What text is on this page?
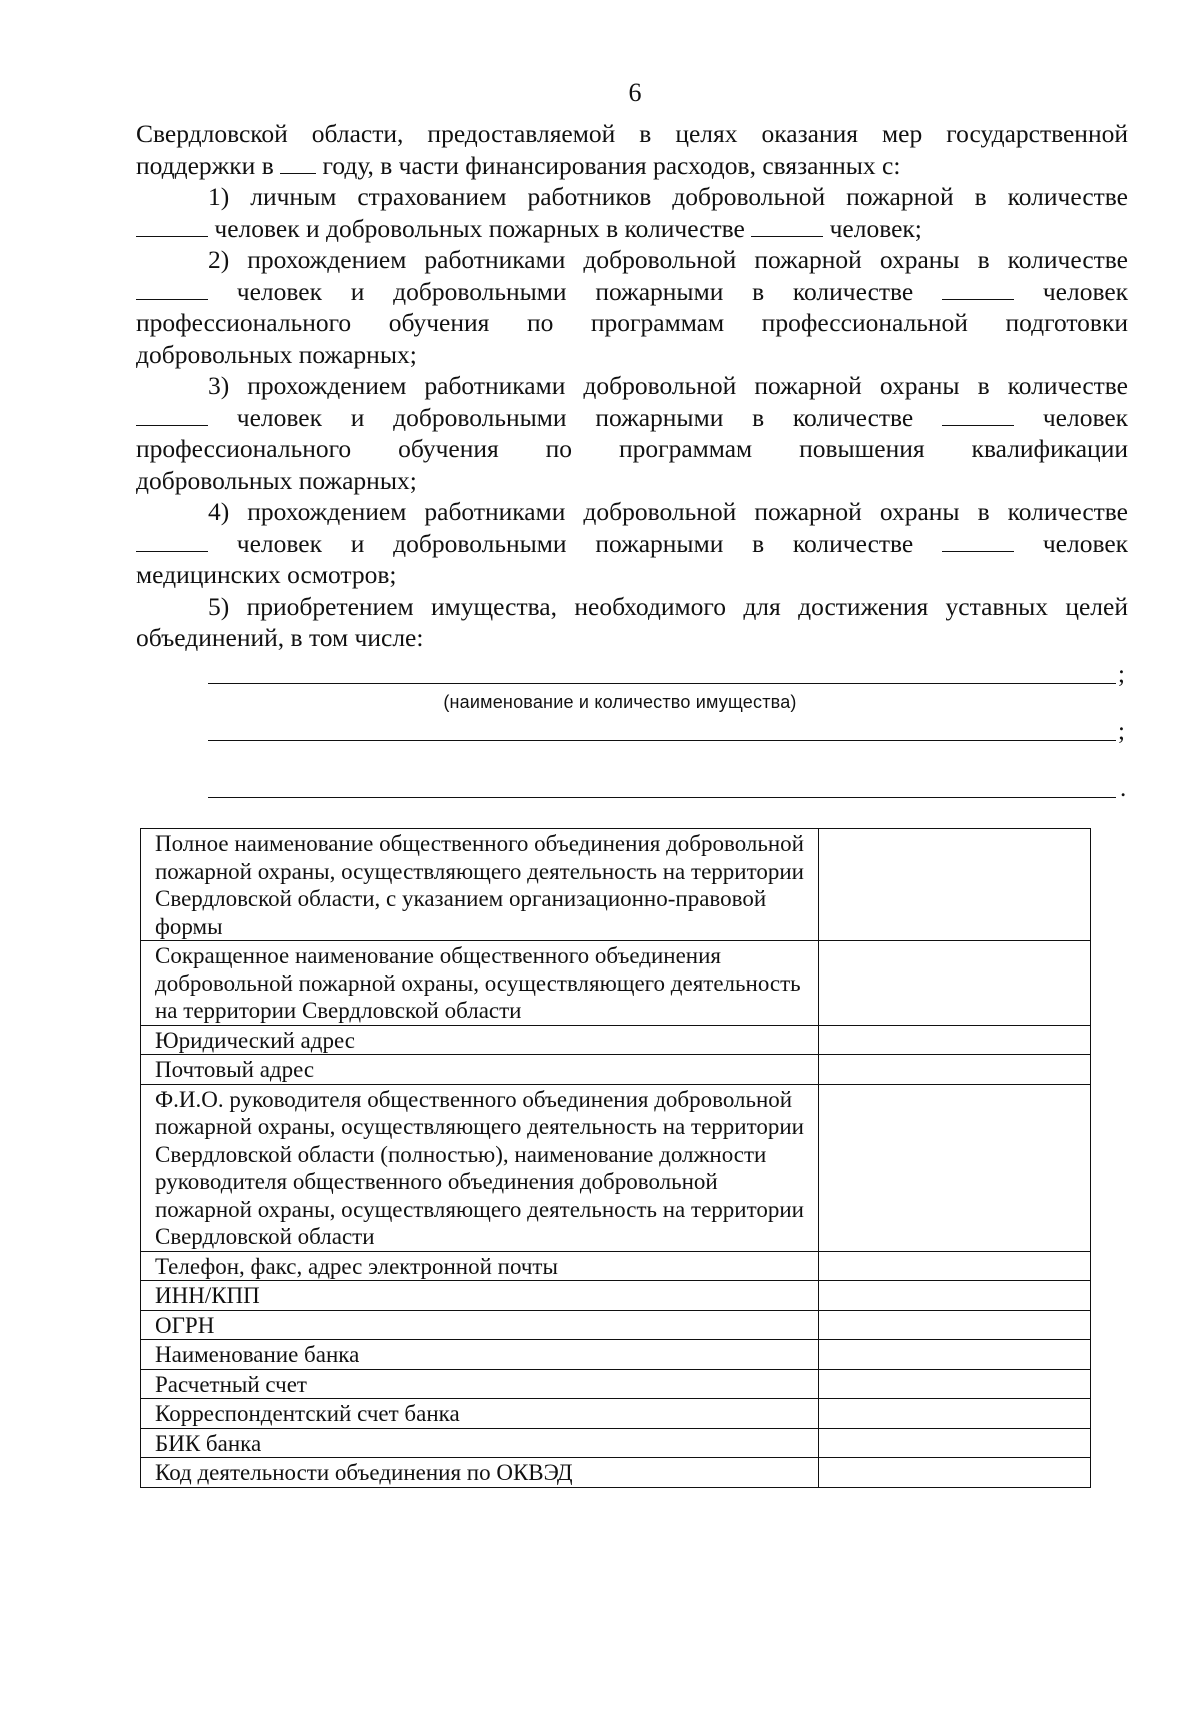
6

Свердловской области, предоставляемой в целях оказания мер государственной

поддержки в году, в части финансирования расходов, связанных с:

1) личным страхованием работников добровольной пожарной в количестве

человек и добровольных пожарных в количестве	человек;

2) прохождением работниками добровольной пожарной охраны в количестве

человек и добровольными пожарными в количестве	человек

профессионального обучения по программам профессиональной подготовки

добровольных пожарных;

3) прохождением работниками добровольной пожарной охраны в количестве

человек и добровольными пожарными в количестве	человек

профессионального обучения по программам повышения квалификации

добровольных пожарных;

4) прохождением работниками добровольной пожарной охраны в количестве

человек и добровольными пожарными в количестве	человек

медицинских осмотров;

5) приобретением имущества, необходимого для достижения уставных целей

объединений, в том числе:

;
(наименование и количество имущества)
;
.
Полное наименование общественного объединения добровольной пожарной охраны, осуществляющего деятельность на территории Свердловской области, с указанием организационно-правовой формы	
Сокращенное наименование общественного объединения добровольной пожарной охраны, осуществляющего деятельность на территории Свердловской области	
Юридический адрес	
Почтовый адрес	
Ф.И.О. руководителя общественного объединения добровольной пожарной охраны, осуществляющего деятельность на территории Свердловской области (полностью), наименование должности руководителя общественного объединения добровольной пожарной охраны, осуществляющего деятельность на территории Свердловской области	
Телефон, факс, адрес электронной почты	
ИНН/КПП	
ОГРН	
Наименование банка	
Расчетный счет	
Корреспондентский счет банка	
БИК банка	
Код деятельности объединения по ОКВЭД	
